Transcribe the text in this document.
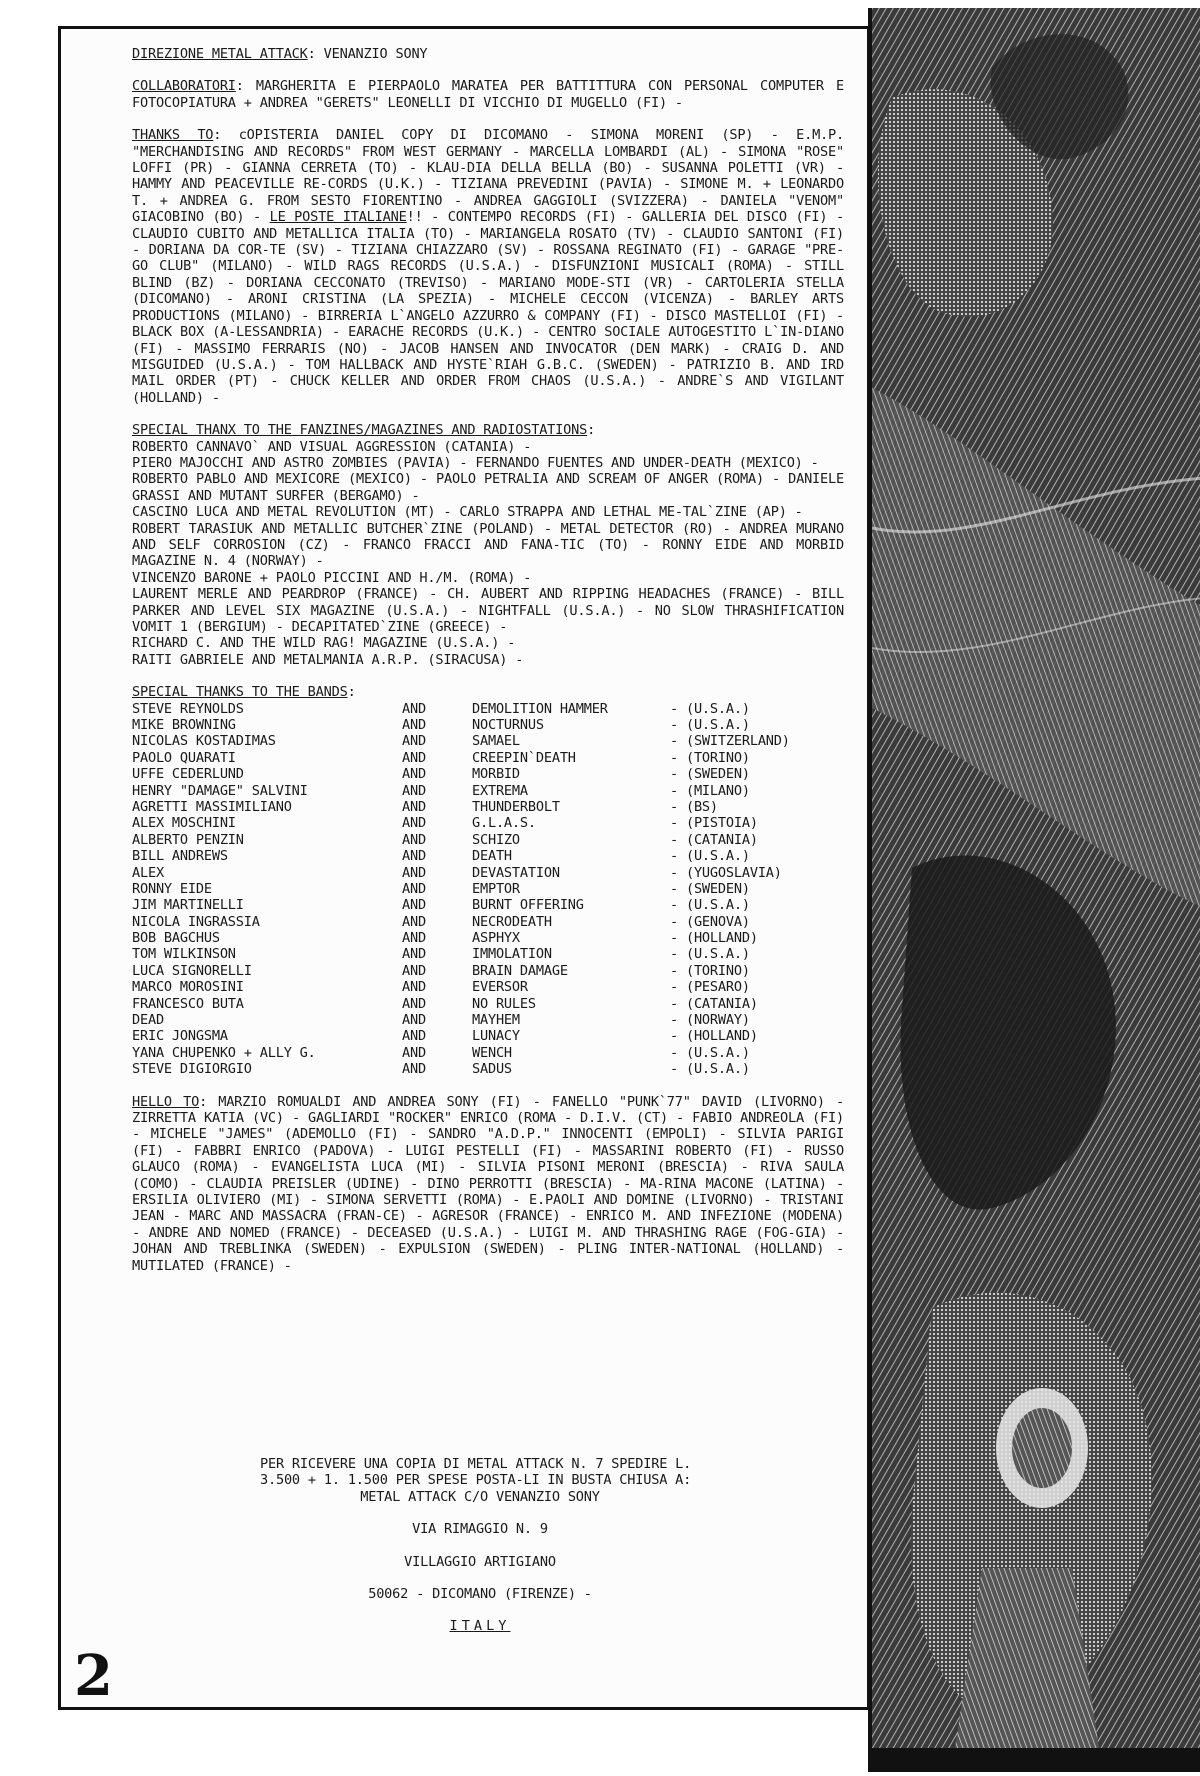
DIREZIONE METAL ATTACK: VENANZIO SONY
COLLABORATORI: MARGHERITA E PIERPAOLO MARATEA PER BATTITTURA CON PERSONAL COMPUTER E FOTOCOPIATURA + ANDREA "GERETS" LEONELLI DI VICCHIO DI MUGELLO (FI) -
THANKS TO: cOPISTERIA DANIEL COPY DI DICOMANO - SIMONA MORENI (SP) - E.M.P. "MERCHANDISING AND RECORDS" FROM WEST GERMANY - MARCELLA LOMBARDI (AL) - SIMONA "ROSE" LOFFI (PR) - GIANNA CERRETA (TO) - KLAU-DIA DELLA BELLA (BO) - SUSANNA POLETTI (VR) - HAMMY AND PEACEVILLE RE-CORDS (U.K.) - TIZIANA PREVEDINI (PAVIA) - SIMONE M. + LEONARDO T. + ANDREA G. FROM SESTO FIORENTINO - ANDREA GAGGIOLI (SVIZZERA) - DANIELA "VENOM" GIACOBINO (BO) - LE POSTE ITALIANE!! - CONTEMPO RECORDS (FI) - GALLERIA DEL DISCO (FI) - CLAUDIO CUBITO AND METALLICA ITALIA (TO) - MARIANGELA ROSATO (TV) - CLAUDIO SANTONI (FI) - DORIANA DA COR-TE (SV) - TIZIANA CHIAZZARO (SV) - ROSSANA REGINATO (FI) - GARAGE "PRE-GO CLUB" (MILANO) - WILD RAGS RECORDS (U.S.A.) - DISFUNZIONI MUSICALI (ROMA) - STILL BLIND (BZ) - DORIANA CECCONATO (TREVISO) - MARIANO MODE-STI (VR) - CARTOLERIA STELLA (DICOMANO) - ARONI CRISTINA (LA SPEZIA) - MICHELE CECCON (VICENZA) - BARLEY ARTS PRODUCTIONS (MILANO) - BIRRERIA L`ANGELO AZZURRO & COMPANY (FI) - DISCO MASTELLOI (FI) - BLACK BOX (A-LESSANDRIA) - EARACHE RECORDS (U.K.) - CENTRO SOCIALE AUTOGESTITO L`IN-DIANO (FI) - MASSIMO FERRARIS (NO) - JACOB HANSEN AND INVOCATOR (DEN MARK) - CRAIG D. AND MISGUIDED (U.S.A.) - TOM HALLBACK AND HYSTE`RIAH G.B.C. (SWEDEN) - PATRIZIO B. AND IRD MAIL ORDER (PT) - CHUCK KELLER AND ORDER FROM CHAOS (U.S.A.) - ANDRE`S AND VIGILANT (HOLLAND) -
SPECIAL THANX TO THE FANZINES/MAGAZINES AND RADIOSTATIONS:
ROBERTO CANNAVO` AND VISUAL AGGRESSION (CATANIA) -
PIERO MAJOCCHI AND ASTRO ZOMBIES (PAVIA) - FERNANDO FUENTES AND UNDER-DEATH (MEXICO) -
ROBERTO PABLO AND MEXICORE (MEXICO) - PAOLO PETRALIA AND SCREAM OF ANGER (ROMA) - DANIELE GRASSI AND MUTANT SURFER (BERGAMO) -
CASCINO LUCA AND METAL REVOLUTION (MT) - CARLO STRAPPA AND LETHAL ME-TAL`ZINE (AP) -
ROBERT TARASIUK AND METALLIC BUTCHER`ZINE (POLAND) - METAL DETECTOR (RO) - ANDREA MURANO AND SELF CORROSION (CZ) - FRANCO FRACCI AND FANA-TIC (TO) - RONNY EIDE AND MORBID MAGAZINE N. 4 (NORWAY) -
VINCENZO BARONE + PAOLO PICCINI AND H./M. (ROMA) -
LAURENT MERLE AND PEARDROP (FRANCE) - CH. AUBERT AND RIPPING HEADACHES (FRANCE) - BILL PARKER AND LEVEL SIX MAGAZINE (U.S.A.) - NIGHTFALL (U.S.A.) - NO SLOW THRASHIFICATION VOMIT 1 (BERGIUM) - DECAPITATED`ZINE (GREECE) -
RICHARD C. AND THE WILD RAG! MAGAZINE (U.S.A.) -
RAITI GABRIELE AND METALMANIA A.R.P. (SIRACUSA) -
SPECIAL THANKS TO THE BANDS:
STEVE REYNOLDS	AND	DEMOLITION HAMMER	- (U.S.A.)
MIKE BROWNING	AND	NOCTURNUS	- (U.S.A.)
NICOLAS KOSTADIMAS	AND	SAMAEL	- (SWITZERLAND)
PAOLO QUARATI	AND	CREEPIN`DEATH	- (TORINO)
UFFE CEDERLUND	AND	MORBID	- (SWEDEN)
HENRY "DAMAGE" SALVINI	AND	EXTREMA	- (MILANO)
AGRETTI MASSIMILIANO	AND	THUNDERBOLT	- (BS)
ALEX MOSCHINI	AND	G.L.A.S.	- (PISTOIA)
ALBERTO PENZIN	AND	SCHIZO	- (CATANIA)
BILL ANDREWS	AND	DEATH	- (U.S.A.)
ALEX	AND	DEVASTATION	- (YUGOSLAVIA)
RONNY EIDE	AND	EMPTOR	- (SWEDEN)
JIM MARTINELLI	AND	BURNT OFFERING	- (U.S.A.)
NICOLA INGRASSIA	AND	NECRODEATH	- (GENOVA)
BOB BAGCHUS	AND	ASPHYX	- (HOLLAND)
TOM WILKINSON	AND	IMMOLATION	- (U.S.A.)
LUCA SIGNORELLI	AND	BRAIN DAMAGE	- (TORINO)
MARCO MOROSINI	AND	EVERSOR	- (PESARO)
FRANCESCO BUTA	AND	NO RULES	- (CATANIA)
DEAD	AND	MAYHEM	- (NORWAY)
ERIC JONGSMA	AND	LUNACY	- (HOLLAND)
YANA CHUPENKO + ALLY G.	AND	WENCH	- (U.S.A.)
STEVE DIGIORGIO	AND	SADUS	- (U.S.A.)
HELLO TO: MARZIO ROMUALDI AND ANDREA SONY (FI) - FANELLO "PUNK`77" DAVID (LIVORNO) - ZIRRETTA KATIA (VC) - GAGLIARDI "ROCKER" ENRICO (ROMA - D.I.V. (CT) - FABIO ANDREOLA (FI) - MICHELE "JAMES" (ADEMOLLO (FI) - SANDRO "A.D.P." INNOCENTI (EMPOLI) - SILVIA PARIGI (FI) - FABBRI ENRICO (PADOVA) - LUIGI PESTELLI (FI) - MASSARINI ROBERTO (FI) - RUSSO GLAUCO (ROMA) - EVANGELISTA LUCA (MI) - SILVIA PISONI MERONI (BRESCIA) - RIVA SAULA (COMO) - CLAUDIA PREISLER (UDINE) - DINO PERROTTI (BRESCIA) - MA-RINA MACONE (LATINA) - ERSILIA OLIVIERO (MI) - SIMONA SERVETTI (ROMA) - E.PAOLI AND DOMINE (LIVORNO) - TRISTANI JEAN - MARC AND MASSACRA (FRAN-CE) - AGRESOR (FRANCE) - ENRICO M. AND INFEZIONE (MODENA) - ANDRE AND NOMED (FRANCE) - DECEASED (U.S.A.) - LUIGI M. AND THRASHING RAGE (FOG-GIA) - JOHAN AND TREBLINKA (SWEDEN) - EXPULSION (SWEDEN) - PLING INTER-NATIONAL (HOLLAND) - MUTILATED (FRANCE) -
PER RICEVERE UNA COPIA DI METAL ATTACK N. 7 SPEDIRE L. 3.500 + 1. 1.500 PER SPESE POSTA-LI IN BUSTA CHIUSA A:
METAL ATTACK C/O VENANZIO SONY
VIA RIMAGGIO N. 9
VILLAGGIO ARTIGIANO
50062 - DICOMANO (FIRENZE) -
ITALY
2
